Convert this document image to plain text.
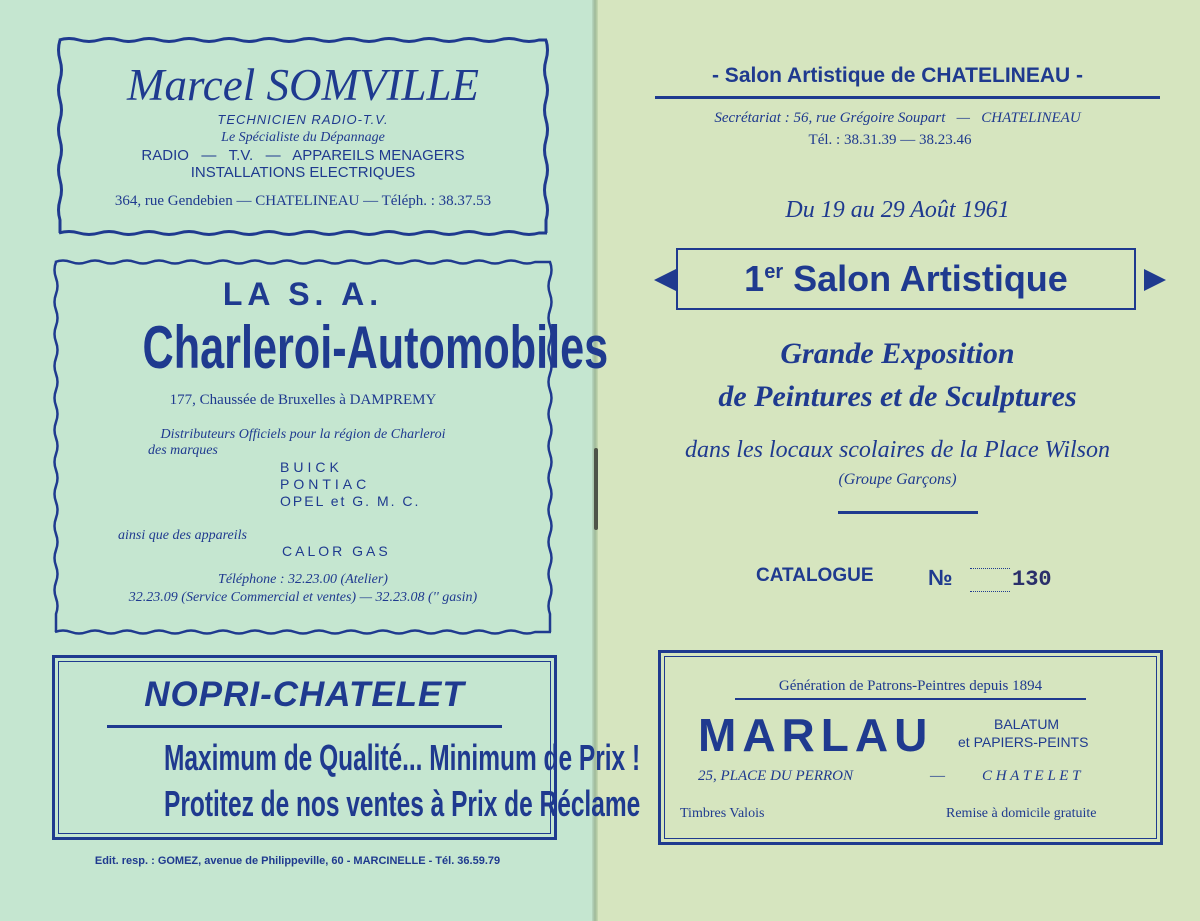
Marcel SOMVILLE
TECHNICIEN RADIO-T.V.
Le Spécialiste du Dépannage
RADIO   —   T.V.   —   APPAREILS MENAGERS
INSTALLATIONS ELECTRIQUES
364, rue Gendebien — CHATELINEAU — Téléph. : 38.37.53
LA S. A.
Charleroi-Automobiles
177, Chaussée de Bruxelles à DAMPREMY
Distributeurs Officiels pour la région de Charleroi
des marques
BUICK
PONTIAC
OPEL et G. M. C.
ainsi que des appareils
CALOR GAS
Téléphone : 32.23.00 (Atelier)
32.23.09 (Service Commercial et ventes) — 32.23.08 ('' gasin)
NOPRI-CHATELET
Maximum de Qualité... Minimum de Prix !
Protitez de nos ventes à Prix de Réclame
Edit. resp. : GOMEZ, avenue de Philippeville, 60 - MARCINELLE - Tél. 36.59.79
- Salon Artistique de CHATELINEAU -
Secrétariat : 56, rue Grégoire Soupart   —   CHATELINEAU
Tél. : 38.31.39 — 38.23.46
Du 19 au 29 Août 1961
1er Salon Artistique
Grande Exposition
de Peintures et de Sculptures
dans les locaux scolaires de la Place Wilson
(Groupe Garçons)
CATALOGUE №	130
Génération de Patrons-Peintres depuis 1894
MARLAU	BALATUM
et PAPIERS-PEINTS
25, PLACE DU PERRON	— C H A T E L E T
Timbres Valois	Remise à domicile gratuite
